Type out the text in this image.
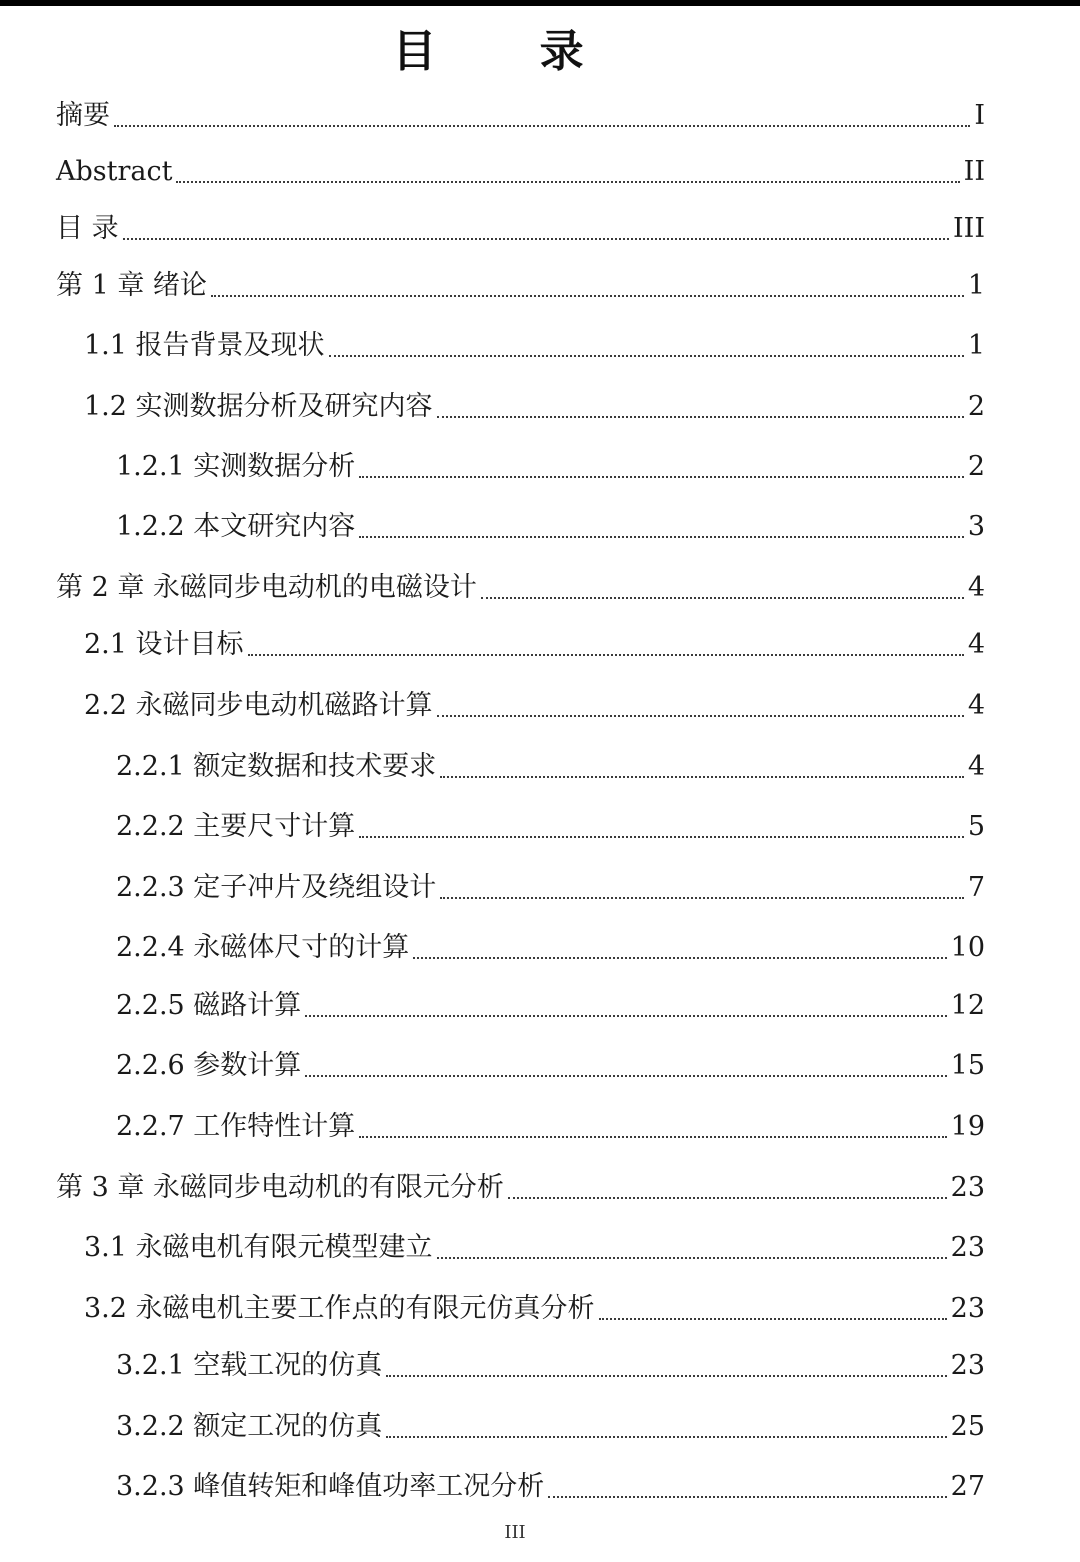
目 录
摘要	I
Abstract	II
目 录	III
第 1 章 绪论	1
1.1 报告背景及现状	1
1.2 实测数据分析及研究内容	2
1.2.1 实测数据分析	2
1.2.2 本文研究内容	3
第 2 章 永磁同步电动机的电磁设计	4
2.1 设计目标	4
2.2 永磁同步电动机磁路计算	4
2.2.1 额定数据和技术要求	4
2.2.2 主要尺寸计算	5
2.2.3 定子冲片及绕组设计	7
2.2.4 永磁体尺寸的计算	10
2.2.5 磁路计算	12
2.2.6 参数计算	15
2.2.7 工作特性计算	19
第 3 章 永磁同步电动机的有限元分析	23
3.1 永磁电机有限元模型建立	23
3.2 永磁电机主要工作点的有限元仿真分析	23
3.2.1 空载工况的仿真	23
3.2.2 额定工况的仿真	25
3.2.3 峰值转矩和峰值功率工况分析	27
III
